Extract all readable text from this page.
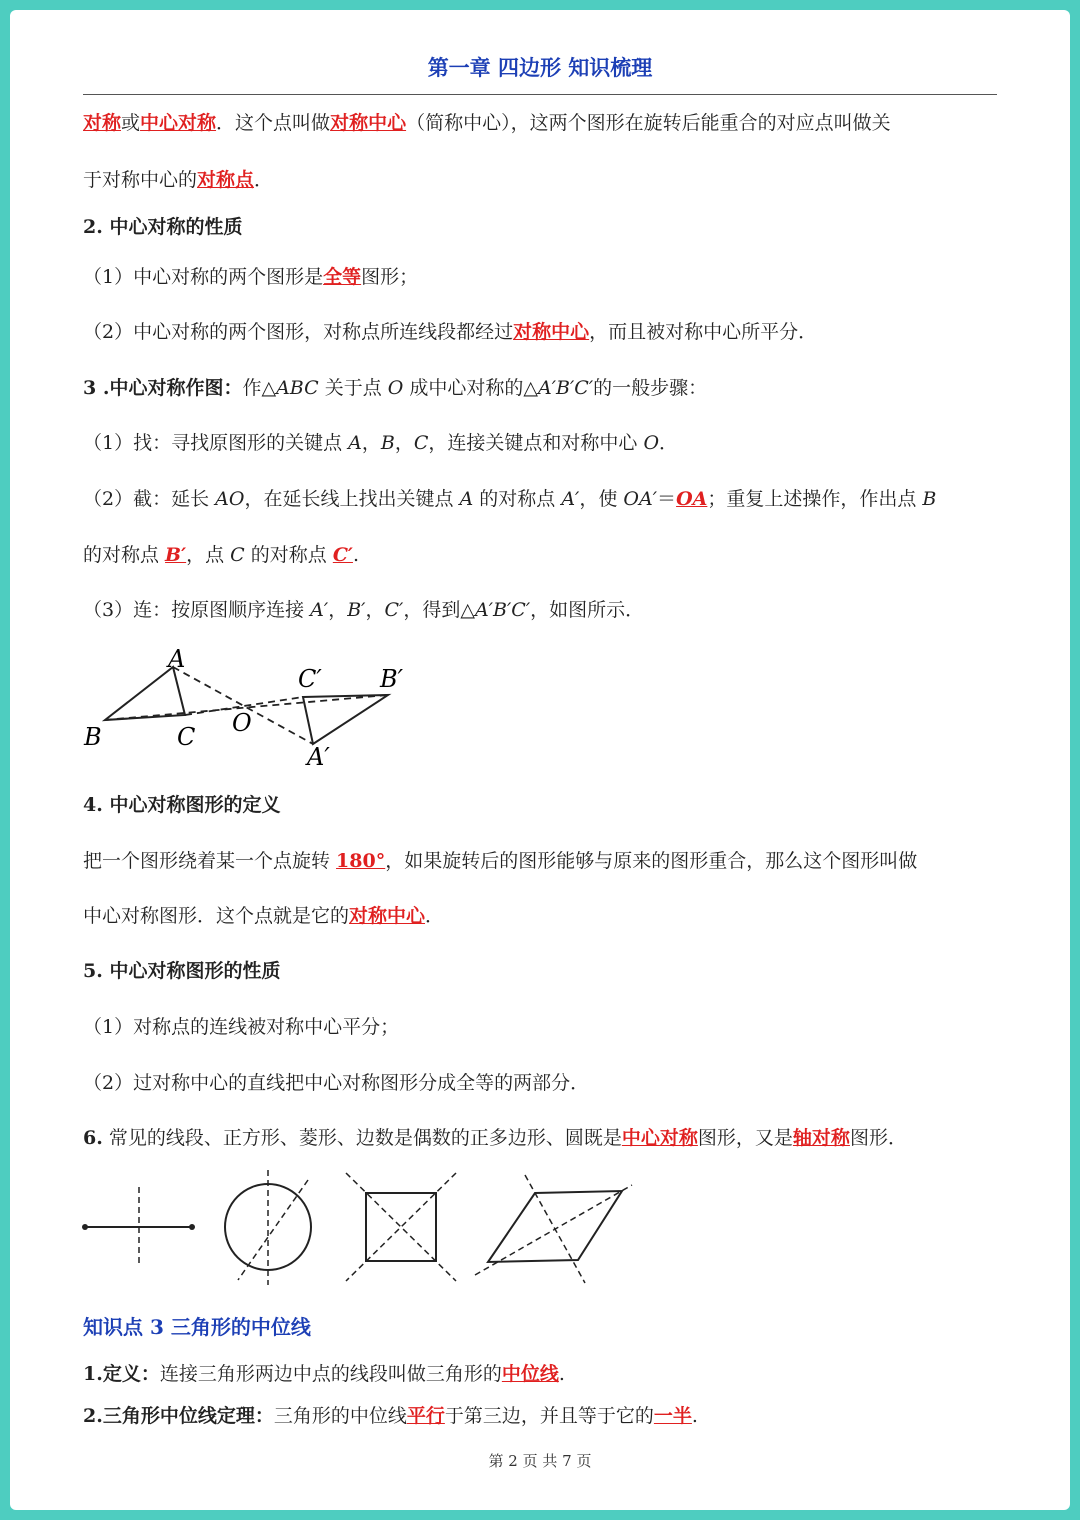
第一章 四边形 知识梳理
对称或中心对称．这个点叫做对称中心（简称中心），这两个图形在旋转后能重合的对应点叫做关
于对称中心的对称点．
2. 中心对称的性质
（1）中心对称的两个图形是全等图形；
（2）中心对称的两个图形，对称点所连线段都经过对称中心，而且被对称中心所平分．
3 .中心对称作图：作△ABC 关于点 O 成中心对称的△A′B′C′的一般步骤：
（1）找：寻找原图形的关键点 A，B，C，连接关键点和对称中心 O．
（2）截：延长 AO，在延长线上找出关键点 A 的对称点 A′，使 OA′＝OA；重复上述操作，作出点 B
的对称点 B′，点 C 的对称点 C′.
（3）连：按原图顺序连接 A′，B′，C′，得到△A′B′C′，如图所示．
A
B	C O
C′ B′
A′
4. 中心对称图形的定义
把一个图形绕着某一个点旋转 180°，如果旋转后的图形能够与原来的图形重合，那么这个图形叫做
中心对称图形．这个点就是它的对称中心．
5. 中心对称图形的性质
（1）对称点的连线被对称中心平分；
（2）过对称中心的直线把中心对称图形分成全等的两部分．
6. 常见的线段、正方形、菱形、边数是偶数的正多边形、圆既是中心对称图形，又是轴对称图形．
知识点 3 三角形的中位线
1.定义：连接三角形两边中点的线段叫做三角形的中位线.
2.三角形中位线定理：三角形的中位线平行于第三边，并且等于它的一半.
第 2 页 共 7 页
